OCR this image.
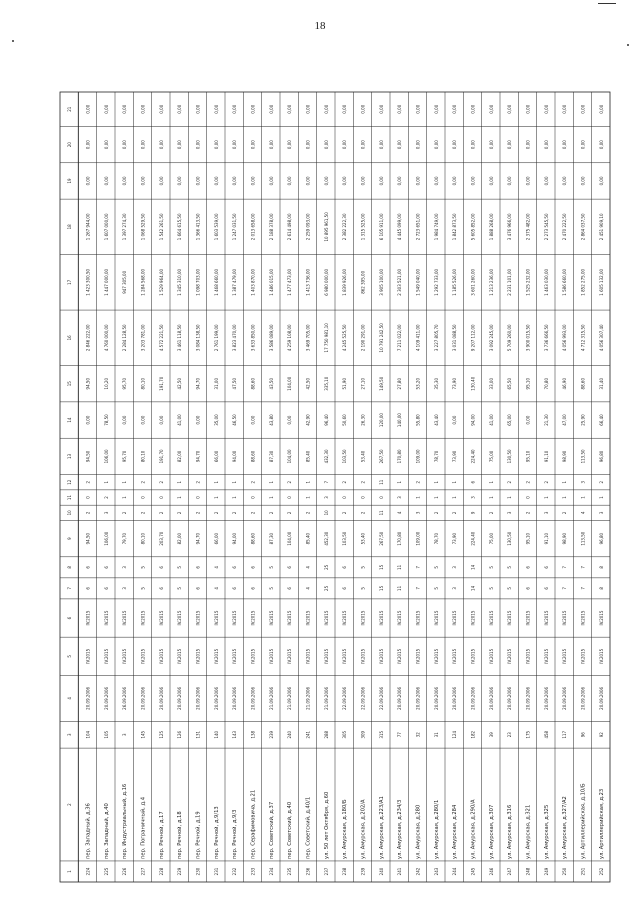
18
1
2
3
4
5
6
7
8
9
10
11
12
13
14
15
16
17
18
19
20
21
224
пер. Западный, д.36
104
20.09.2006
IV.2015
IV.2015
6
6
94,50
2
0
2
94,50
0,00
94,50
2 846 222,00
1 423 300,50
1 267 944,00
0,00
0,00
0,00
225
пер. Западный, д.40
105
20.09.2006
IV.2015
IV.2015
6
6
106,00
3
2
1
106,00
78,50
10,20
4 760 000,00
1 447 000,00
1 607 000,00
0,00
0,00
0,00
226
пер. Индустриальный, д.16
3
26.09.2006
IV.2015
IV.2015
3
3
79,70
2
1
1
95,70
0,00
95,70
2 284 128,50
947 305,00
1 397 274,30
0,00
0,00
0,00
227
пер. Пограничный, д.4
145
20.09.2006
IV.2015
IV.2015
5
5
80,10
2
0
2
80,10
0,00
80,10
3 203 781,00
1 284 568,00
1 068 529,50
0,00
0,00
0,00
228
пер. Речной, д.17
125
20.09.2006
IV.2015
IV.2015
6
6
203,70
2
0
2
191,70
0,00
191,70
4 572 221,50
1 529 964,00
1 542 261,50
0,00
0,00
0,00
229
пер. Речной, д.18
126
20.09.2006
IV.2015
IV.2015
5
5
82,00
2
1
1
82,00
41,00
42,50
3 461 118,50
1 345 310,00
1 664 615,50
0,00
0,00
0,00
230
пер. Речной, д.19
131
20.09.2006
IV.2015
IV.2015
6
6
94,70
2
0
2
94,70
0,00
94,70
3 084 138,50
1 098 703,00
1 366 413,50
0,00
0,00
0,00
231
пер. Речной, д.9/13
140
20.09.2006
IV.2015
IV.2015
4
4
66,00
2
1
1
66,00
35,00
31,00
2 761 199,00
1 468 660,00
1 603 539,00
0,00
0,00
0,00
232
пер. Речной, д.9/3
143
20.09.2006
IV.2015
IV.2015
6
6
94,00
2
1
1
94,00
46,50
47,50
3 823 470,00
1 387 479,00
1 247 031,50
0,00
0,00
0,00
233
пер. Серафимовича, д.21
138
20.09.2006
IV.2015
IV.2015
6
6
88,60
2
0
2
88,60
0,00
88,60
3 633 850,00
1 403 870,00
2 013 658,00
0,00
0,00
0,00
234
пер. Советский, д.37
239
21.09.2006
IV.2015
IV.2015
5
5
87,30
2
1
1
87,30
43,80
43,50
3 586 089,00
1 486 015,00
2 188 378,00
0,00
0,00
0,00
235
пер. Советский, д.40
240
21.09.2006
IV.2015
IV.2015
6
6
104,00
2
0
2
104,00
0,00
104,00
4 259 108,00
1 477 473,00
2 614 498,00
0,00
0,00
0,00
236
пер. Советский, д.40/1
241
21.09.2006
IV.2015
IV.2015
4
4
85,40
2
1
1
85,40
42,90
42,50
3 469 705,00
1 413 736,00
2 259 093,00
0,00
0,00
0,00
237
ул. 50 лет Октября, д.60
288
21.09.2006
IV.2015
IV.2015
25
25
452,30
10
3
7
432,30
96,40
335,10
17 750 981,10
6 980 000,00
10 895 961,50
0,00
0,00
0,00
238
ул. Амурская, д.180/Б
305
22.09.2006
IV.2015
IV.2015
6
6
103,50
2
0
2
103,50
50,60
51,90
4 245 525,50
1 839 926,00
2 382 222,30
0,00
0,00
0,00
239
ул. Амурская, д.202/А
309
22.09.2006
IV.2015
IV.2015
5
5
53,40
2
0
2
53,40
26,30
27,10
2 190 291,00
862 395,00
1 315 525,00
0,00
0,00
0,00
240
ул. Амурская, д.223/А1
315
22.09.2006
IV.2015
IV.2015
15
15
267,50
11
0
11
267,50
120,00
149,50
10 791 242,50
3 905 100,00
6 105 911,00
0,00
0,00
0,00
241
ул. Амурская, д.234/3
77
20.09.2006
IV.2015
IV.2015
11
11
170,80
4
3
1
170,80
140,00
27,80
7 211 022,00
2 303 521,00
4 445 099,00
0,00
0,00
0,00
242
ул. Амурская, д.280
32
20.09.2006
IV.2015
IV.2015
7
7
109,00
3
1
2
109,00
55,80
53,20
4 109 411,00
1 549 040,00
2 723 651,00
0,00
0,00
0,00
243
ул. Амурская, д.280/1
31
20.09.2006
IV.2015
IV.2015
5
5
78,70
2
1
1
78,70
43,40
35,30
3 227 805,70
1 292 733,00
1 984 749,00
0,00
0,00
0,00
244
ул. Амурская, д.284
124
20.09.2006
IV.2015
IV.2015
3
3
73,90
2
1
1
73,90
0,00
73,90
3 031 088,50
1 185 526,00
1 842 873,50
0,00
0,00
0,00
245
ул. Амурская, д.290/А
182
20.09.2006
IV.2015
IV.2015
14
14
224,40
9
3
6
224,40
94,00
130,40
9 207 112,00
3 601 260,00
5 605 852,00
0,00
0,00
0,00
246
ул. Амурская, д.307
39
20.09.2006
IV.2015
IV.2015
5
5
75,00
2
1
1
75,00
41,00
33,00
3 092 245,00
1 213 236,00
1 888 268,00
0,00
0,00
0,00
247
ул. Амурская, д.316
23
20.09.2006
IV.2015
IV.2015
5
5
130,50
3
1
2
130,50
65,00
65,50
5 709 260,00
2 231 101,00
3 476 966,00
0,00
0,00
0,00
248
ул. Амурская, д.321
175
20.09.2006
IV.2015
IV.2015
6
6
95,10
2
0
2
95,10
0,00
95,10
3 900 015,50
1 525 232,00
2 375 482,00
0,00
0,00
0,00
249
ул. Амурская, д.325
458
20.09.2006
IV.2015
IV.2015
6
6
91,10
3
1
2
91,10
21,30
70,80
3 736 666,50
1 463 030,00
2 273 545,50
0,00
0,00
0,00
250
ул. Амурская, д.327/А2
117
20.09.2006
IV.2015
IV.2015
7
7
98,90
2
1
1
98,90
47,00
46,90
4 056 993,00
1 586 660,00
2 470 222,50
0,00
0,00
0,00
251
ул. Артиллерийская, д.10/Б
96
20.09.2006
IV.2015
IV.2015
7
7
113,50
4
1
3
113,50
25,90
88,60
4 712 315,50
1 852 275,00
2 864 037,50
0,00
0,00
0,00
252
ул. Артиллерийская, д.23
92
20.09.2006
IV.2015
IV.2015
8
8
96,80
3
1
2
96,80
66,40
31,40
4 056 307,40
1 605 132,00
2 451 909,10
0,00
0,00
0,00
